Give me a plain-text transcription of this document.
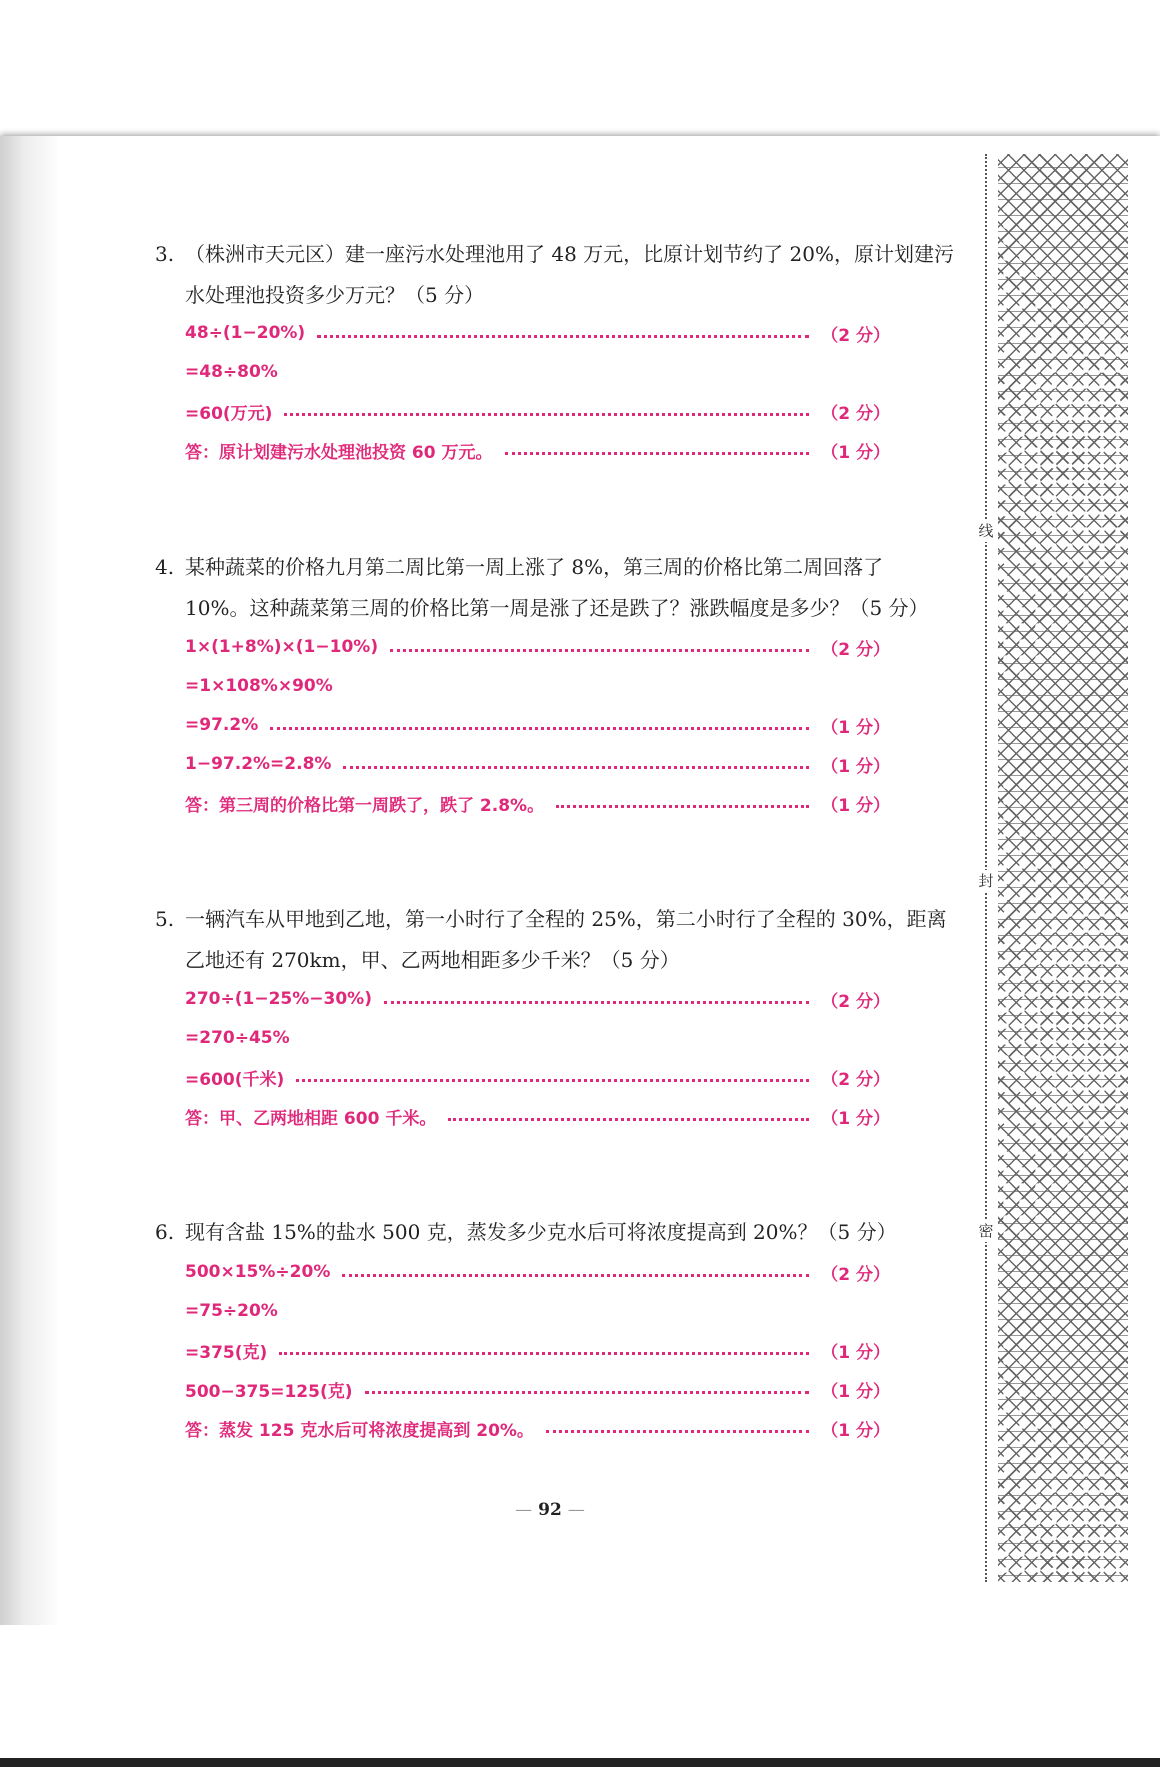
线
封
密
3. （株洲市天元区）建一座污水处理池用了 48 万元，比原计划节约了 20%，原计划建污
水处理池投资多少万元？（5 分）
48÷(1−20%)	（2 分）
=48÷80%
=60(万元)	（2 分）
答：原计划建污水处理池投资 60 万元。	（1 分）
4. 某种蔬菜的价格九月第二周比第一周上涨了 8%，第三周的价格比第二周回落了
10%。这种蔬菜第三周的价格比第一周是涨了还是跌了？涨跌幅度是多少？（5 分）
1×(1+8%)×(1−10%)	（2 分）
=1×108%×90%
=97.2%	（1 分）
1−97.2%=2.8%	（1 分）
答：第三周的价格比第一周跌了，跌了 2.8%。	（1 分）
5. 一辆汽车从甲地到乙地，第一小时行了全程的 25%，第二小时行了全程的 30%，距离
乙地还有 270km，甲、乙两地相距多少千米？（5 分）
270÷(1−25%−30%)	（2 分）
=270÷45%
=600(千米)	（2 分）
答：甲、乙两地相距 600 千米。	（1 分）
6. 现有含盐 15%的盐水 500 克，蒸发多少克水后可将浓度提高到 20%？（5 分）
500×15%÷20%	（2 分）
=75÷20%
=375(克)	（1 分）
500−375=125(克)	（1 分）
答：蒸发 125 克水后可将浓度提高到 20%。	（1 分）
— 92 —
